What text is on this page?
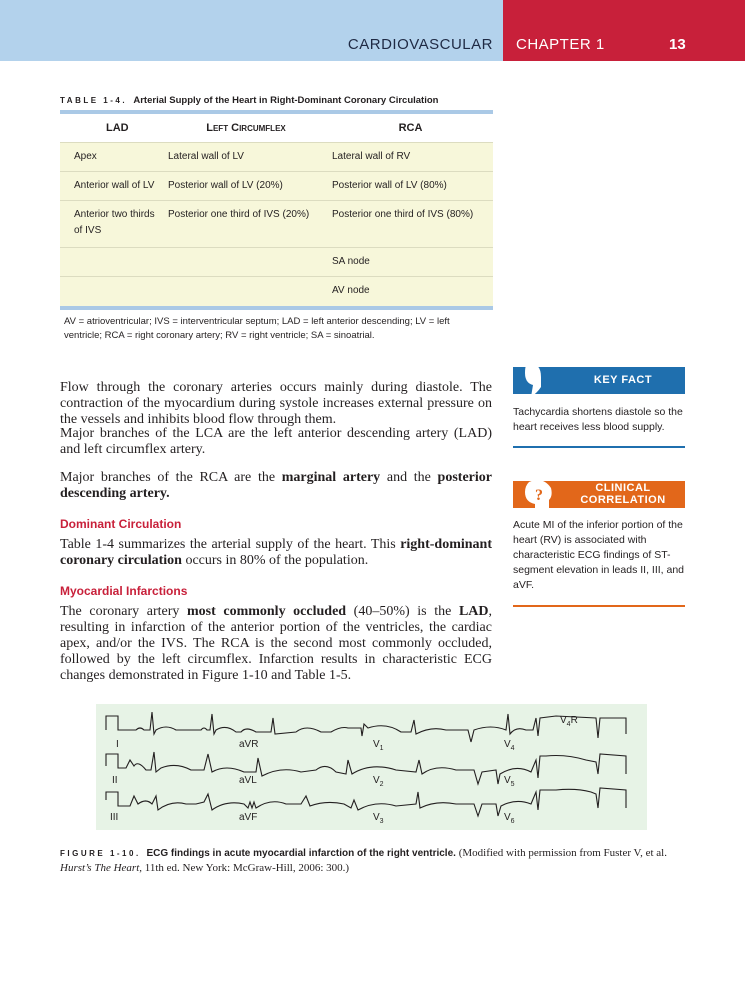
CARDIOVASCULAR CHAPTER 1	13
TABLE 1-4. Arterial Supply of the Heart in Right-Dominant Coronary Circulation
LAD	Left Circumflex	RCA
Apex	Lateral wall of LV	Lateral wall of RV
Anterior wall of LV	Posterior wall of LV (20%)	Posterior wall of LV (80%)
Anterior two thirds of IVS	Posterior one third of IVS (20%)	Posterior one third of IVS (80%)
		SA node
		AV node
AV = atrioventricular; IVS = interventricular septum; LAD = left anterior descending; LV = left ventricle; RCA = right coronary artery; RV = right ventricle; SA = sinoatrial.
Flow through the coronary arteries occurs mainly during diastole. The contraction of the myocardium during systole increases external pressure on the vessels and inhibits blood flow through them.
Major branches of the LCA are the left anterior descending artery (LAD) and left circumflex artery.
Major branches of the RCA are the marginal artery and the posterior descending artery.
Dominant Circulation
Table 1-4 summarizes the arterial supply of the heart. This right-dominant coronary circulation occurs in 80% of the population.
Myocardial Infarctions
The coronary artery most commonly occluded (40–50%) is the LAD, resulting in infarction of the anterior portion of the ventricles, the cardiac apex, and/or the IVS. The RCA is the second most commonly occluded, followed by the left circumflex. Infarction results in characteristic ECG changes demonstrated in Figure 1-10 and Table 1-5.
KEY FACT
Tachycardia shortens diastole so the heart receives less blood supply.
?	CLINICAL
CORRELATION
Acute MI of the inferior portion of the heart (RV) is associated with characteristic ECG findings of ST-segment elevation in leads II, III, and aVF.
I
II
III
aVR
aVL
aVF
$V_1$
$V_2$
$V_3$
$V_4$
$V_5$
$V_6$
$V_4R$
FIGURE 1-10. ECG findings in acute myocardial infarction of the right ventricle. (Modified with permission from Fuster V, et al. Hurst’s The Heart, 11th ed. New York: McGraw-Hill, 2006: 300.)
